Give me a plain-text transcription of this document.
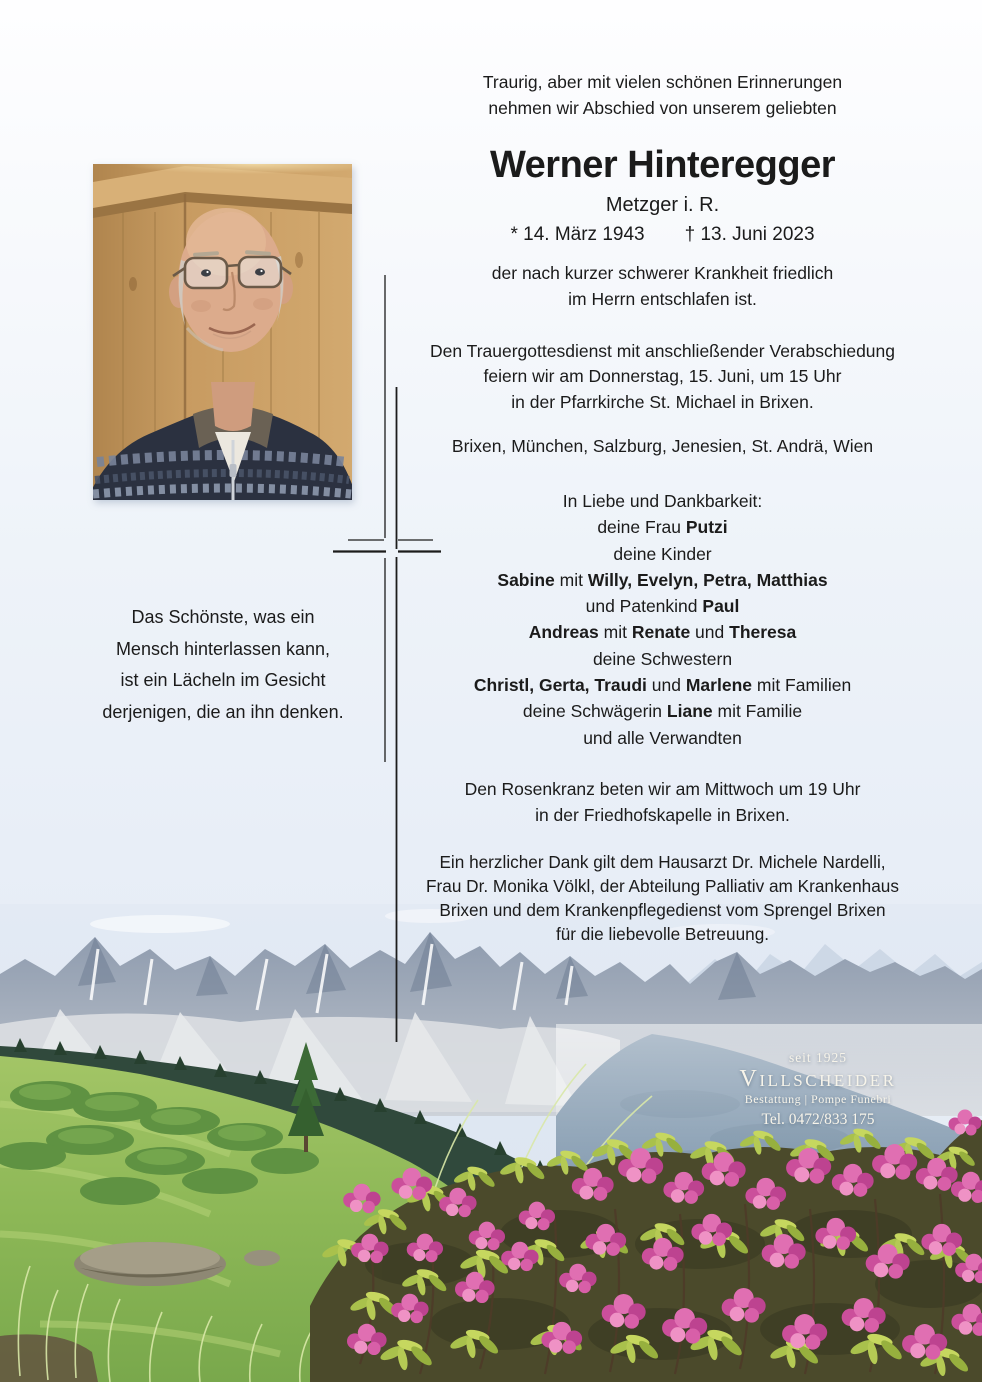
Traurig, aber mit vielen schönen Erinnerungen
nehmen wir Abschied von unserem geliebten
Werner Hinteregger
Metzger i. R.
* 14. März 1943 † 13. Juni 2023
der nach kurzer schwerer Krankheit friedlich
im Herrn entschlafen ist.
Den Trauergottesdienst mit anschließender Verabschiedung
feiern wir am Donnerstag, 15. Juni, um 15 Uhr
in der Pfarrkirche St. Michael in Brixen.
Brixen, München, Salzburg, Jenesien, St. Andrä, Wien
In Liebe und Dankbarkeit:
deine Frau Putzi
deine Kinder
Sabine mit Willy, Evelyn, Petra, Matthias
und Patenkind Paul
Andreas mit Renate und Theresa
deine Schwestern
Christl, Gerta, Traudi und Marlene mit Familien
deine Schwägerin Liane mit Familie
und alle Verwandten
Den Rosenkranz beten wir am Mittwoch um 19 Uhr
in der Friedhofskapelle in Brixen.
Ein herzlicher Dank gilt dem Hausarzt Dr. Michele Nardelli,
Frau Dr. Monika Völkl, der Abteilung Palliativ am Krankenhaus
Brixen und dem Krankenpflegedienst vom Sprengel Brixen
für die liebevolle Betreuung.
Das Schönste, was ein
Mensch hinterlassen kann,
ist ein Lächeln im Gesicht
derjenigen, die an ihn denken.
seit 1925
Villscheider
Bestattung | Pompe Funebri
Tel. 0472/833 175
